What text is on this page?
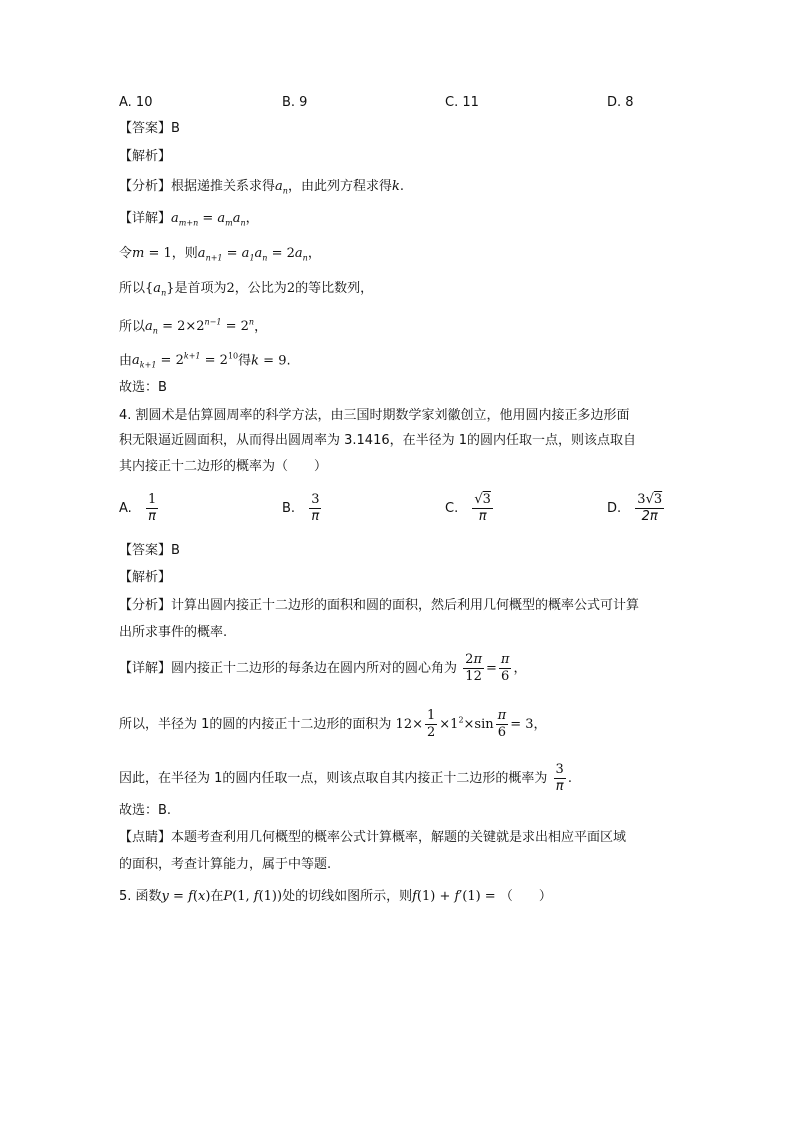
A. 10	B. 9	C. 11	D. 8
【答案】B
【解析】
【分析】根据递推关系求得$a_n$，由此列方程求得k.
【详解】$a_{m+n} = a_ma_n$，
令m = 1，则$a_{n+1} = a_1a_n = 2a_n$，
所以$\{a_n\}$是首项为2，公比为2的等比数列，
所以$a_n = 2\times 2^{n-1} = 2^n$，
由$a_{k+1} = 2^{k+1} = 2^{10}$得k = 9.
故选：B
4. 割圆术是估算圆周率的科学方法，由三国时期数学家刘徽创立，他用圆内接正多边形面
积无限逼近圆面积，从而得出圆周率为 3.1416，在半径为 1的圆内任取一点，则该点取自
其内接正十二边形的概率为（　　）
A. $\frac{1}{\pi}$	B. $\frac{3}{\pi}$	C. $\frac{√3}{\pi}$	D. $\frac{3√3}{2\pi}$
【答案】B
【解析】
【分析】计算出圆内接正十二边形的面积和圆的面积，然后利用几何概型的概率公式可计算
出所求事件的概率.
【详解】圆内接正十二边形的每条边在圆内所对的圆心角为 $\frac{2\pi}{12} = \frac{\pi}{6}$ ，
所以，半径为 1的圆的内接正十二边形的面积为 $12\times \frac{1}{2} \times 1^2\times\sin \frac{\pi}{6} = 3$，
因此，在半径为 1的圆内任取一点，则该点取自其内接正十二边形的概率为 $\frac{3}{\pi}$ .
故选：B.
【点睛】本题考查利用几何概型的概率公式计算概率，解题的关键就是求出相应平面区域
的面积，考查计算能力，属于中等题.
5. 函数y = f(x)在P(1, f(1))处的切线如图所示，则f(1) + f′(1) = （　　）
